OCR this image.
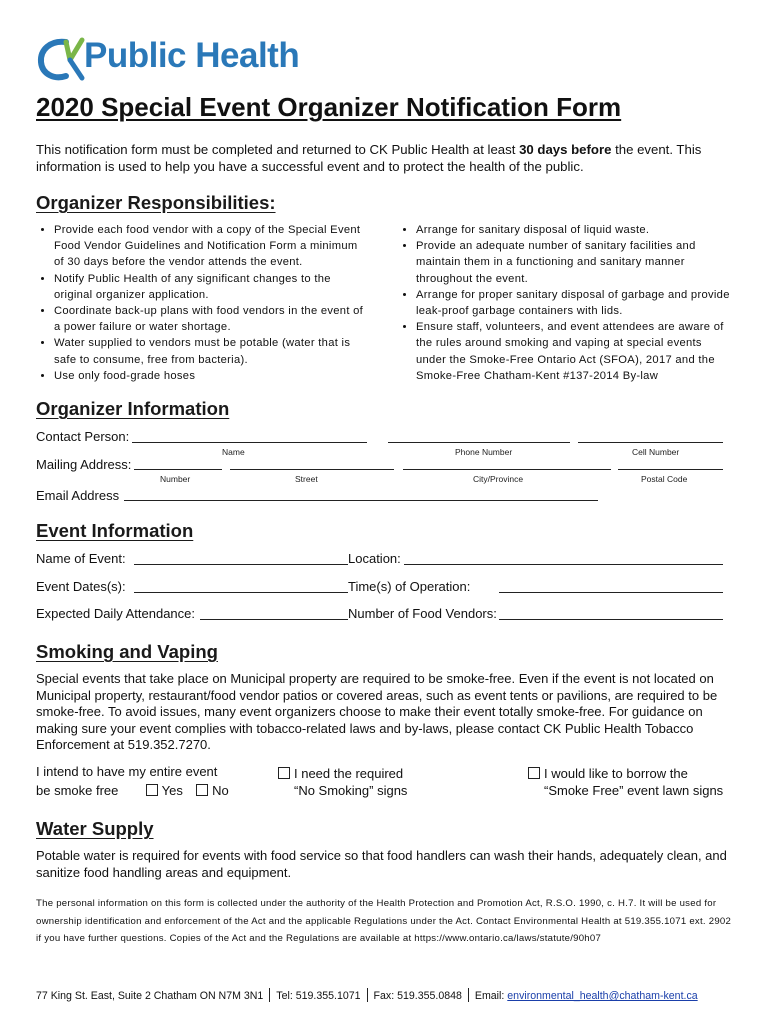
Public Health
2020 Special Event Organizer Notification Form
This notification form must be completed and returned to CK Public Health at least 30 days before the event. This information is used to help you have a successful event and to protect the health of the public.
Organizer Responsibilities:
• Provide each food vendor with a copy of the Special Event Food Vendor Guidelines and Notification Form a minimum of 30 days before the vendor attends the event.
• Notify Public Health of any significant changes to the original organizer application.
• Coordinate back-up plans with food vendors in the event of a power failure or water shortage.
• Water supplied to vendors must be potable (water that is safe to consume, free from bacteria).
• Use only food-grade hoses
• Arrange for sanitary disposal of liquid waste.
• Provide an adequate number of sanitary facilities and maintain them in a functioning and sanitary manner throughout the event.
• Arrange for proper sanitary disposal of garbage and provide leak-proof garbage containers with lids.
• Ensure staff, volunteers, and event attendees are aware of the rules around smoking and vaping at special events under the Smoke-Free Ontario Act (SFOA), 2017 and the Smoke-Free Chatham-Kent #137-2014 By-law
Organizer Information
Contact Person:
Name	Phone Number	Cell Number
Mailing Address:
Number	Street	City/Province	Postal Code
Email Address
Event Information
Name of Event:	Location:
Event Dates(s):	Time(s) of Operation:
Expected Daily Attendance:	Number of Food Vendors:
Smoking and Vaping
Special events that take place on Municipal property are required to be smoke-free. Even if the event is not located on Municipal property, restaurant/food vendor patios or covered areas, such as event tents or pavilions, are required to be smoke-free. To avoid issues, many event organizers choose to make their event totally smoke-free. For guidance on making sure your event complies with tobacco-related laws and by-laws, please contact CK Public Health Tobacco Enforcement at 519.352.7270.
I intend to have my entire event
be smoke free	Yes No
I need the required
“No Smoking” signs
I would like to borrow the
“Smoke Free” event lawn signs
Water Supply
Potable water is required for events with food service so that food handlers can wash their hands, adequately clean, and sanitize food handling areas and equipment.
The personal information on this form is collected under the authority of the Health Protection and Promotion Act, R.S.O. 1990, c. H.7. It will be used for ownership identification and enforcement of the Act and the applicable Regulations under the Act. Contact Environmental Health at 519.355.1071 ext. 2902 if you have further questions. Copies of the Act and the Regulations are available at https://www.ontario.ca/laws/statute/90h07
77 King St. East, Suite 2 Chatham ON N7M 3N1 Tel: 519.355.1071 Fax: 519.355.0848 Email: environmental_health@chatham-kent.ca
